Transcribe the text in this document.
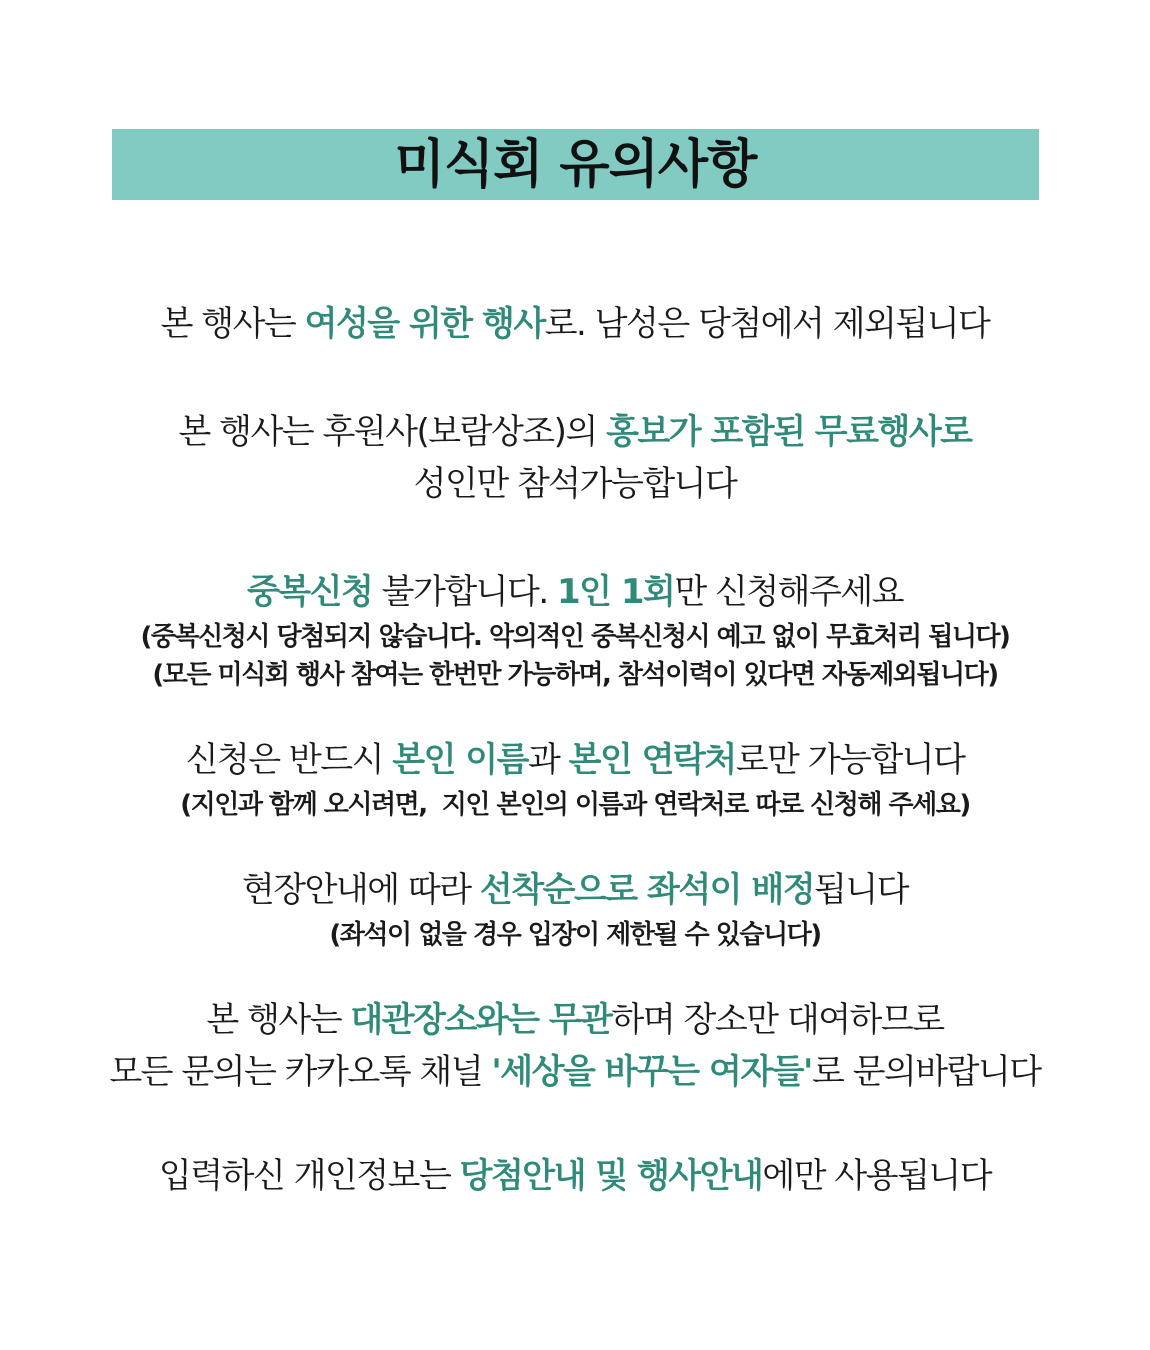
미식회 유의사항
본 행사는 여성을 위한 행사로. 남성은 당첨에서 제외됩니다
본 행사는 후원사(보람상조)의 홍보가 포함된 무료행사로
성인만 참석가능합니다
중복신청 불가합니다. 1인 1회만 신청해주세요
(중복신청시 당첨되지 않습니다. 악의적인 중복신청시 예고 없이 무효처리 됩니다)
(모든 미식회 행사 참여는 한번만 가능하며, 참석이력이 있다면 자동제외됩니다)
신청은 반드시 본인 이름과 본인 연락처로만 가능합니다
(지인과 함께 오시려면,  지인 본인의 이름과 연락처로 따로 신청해 주세요)
현장안내에 따라 선착순으로 좌석이 배정됩니다
(좌석이 없을 경우 입장이 제한될 수 있습니다)
본 행사는 대관장소와는 무관하며 장소만 대여하므로
모든 문의는 카카오톡 채널 '세상을 바꾸는 여자들'로 문의바랍니다
입력하신 개인정보는 당첨안내 및 행사안내에만 사용됩니다
